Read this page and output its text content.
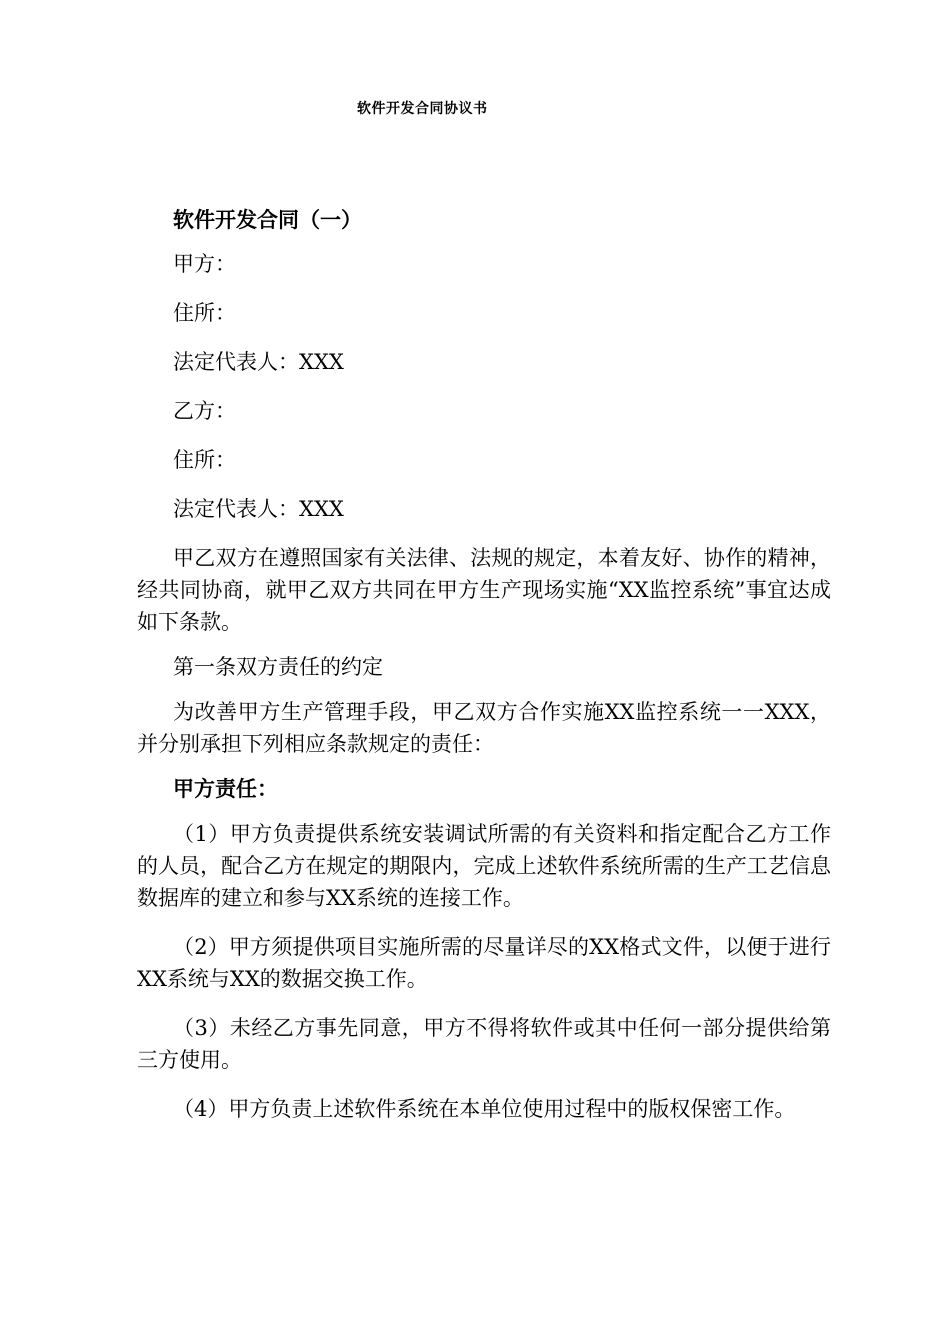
软件开发合同协议书
软件开发合同（一）
甲方：
住所：
法定代表人：XXX
乙方：
住所：
法定代表人：XXX

甲乙双方在遵照国家有关法律、法规的规定，本着友好、协作的精神，经共同协商，就甲乙双方共同在甲方生产现场实施“XX监控系统”事宜达成如下条款。

第一条双方责任的约定

为改善甲方生产管理手段，甲乙双方合作实施XX监控系统一一XXX，并分别承担下列相应条款规定的责任：

甲方责任：

（1）甲方负责提供系统安装调试所需的有关资料和指定配合乙方工作的人员，配合乙方在规定的期限内，完成上述软件系统所需的生产工艺信息数据库的建立和参与XX系统的连接工作。

（2）甲方须提供项目实施所需的尽量详尽的XX格式文件，以便于进行XX系统与XX的数据交换工作。

（3）未经乙方事先同意，甲方不得将软件或其中任何一部分提供给第三方使用。

（4）甲方负责上述软件系统在本单位使用过程中的版权保密工作。
